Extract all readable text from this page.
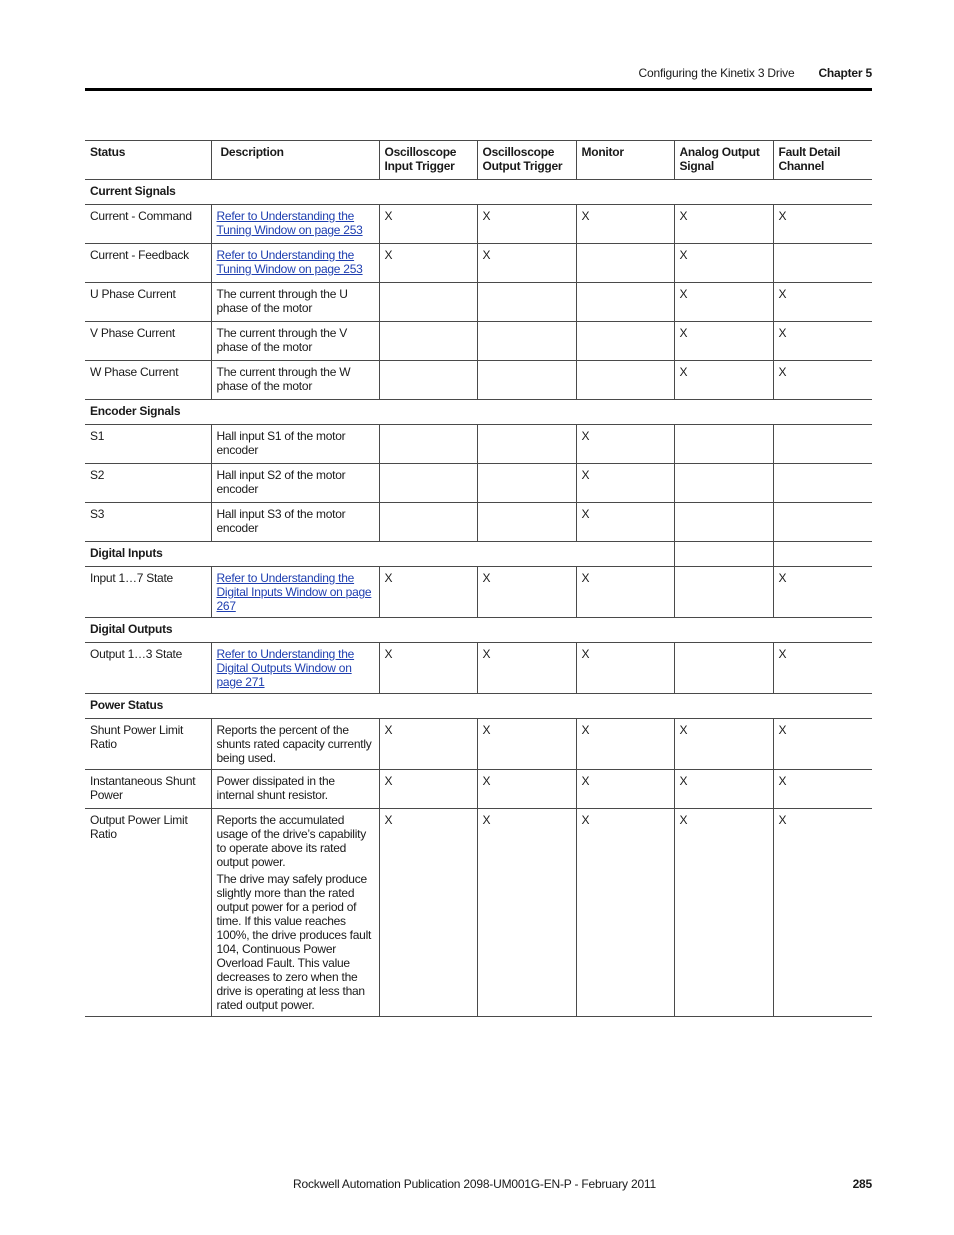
Configuring the Kinetix 3 Drive Chapter 5
Status	Description	Oscilloscope Input Trigger	Oscilloscope Output Trigger	Monitor	Analog Output Signal	Fault Detail Channel
Current Signals						
Current - Command	Refer to Understanding the Tuning Window on page 253	X	X	X	X	X
Current - Feedback	Refer to Understanding the Tuning Window on page 253	X	X		X	
U Phase Current	The current through the U phase of the motor				X	X
V Phase Current	The current through the V phase of the motor				X	X
W Phase Current	The current through the W phase of the motor				X	X
Encoder Signals						
S1	Hall input S1 of the motor encoder			X		
S2	Hall input S2 of the motor encoder			X		
S3	Hall input S3 of the motor encoder			X		
Digital Inputs						
Input 1…7 State	Refer to Understanding the Digital Inputs Window on page 267	X	X	X		X
Digital Outputs						
Output 1…3 State	Refer to Understanding the Digital Outputs Window on page 271	X	X	X		X
Power Status						
Shunt Power Limit Ratio	Reports the percent of the shunts rated capacity currently being used.	X	X	X	X	X
Instantaneous Shunt Power	Power dissipated in the internal shunt resistor.	X	X	X	X	X
Output Power Limit Ratio	Reports the accumulated usage of the drive’s capability to operate above its rated output power.
The drive may safely produce slightly more than the rated output power for a period of time. If this value reaches 100%, the drive produces fault 104, Continuous Power Overload Fault. This value decreases to zero when the drive is operating at less than rated output power.	X	X	X	X	X
Rockwell Automation Publication 2098-UM001G-EN-P - February 2011	285
